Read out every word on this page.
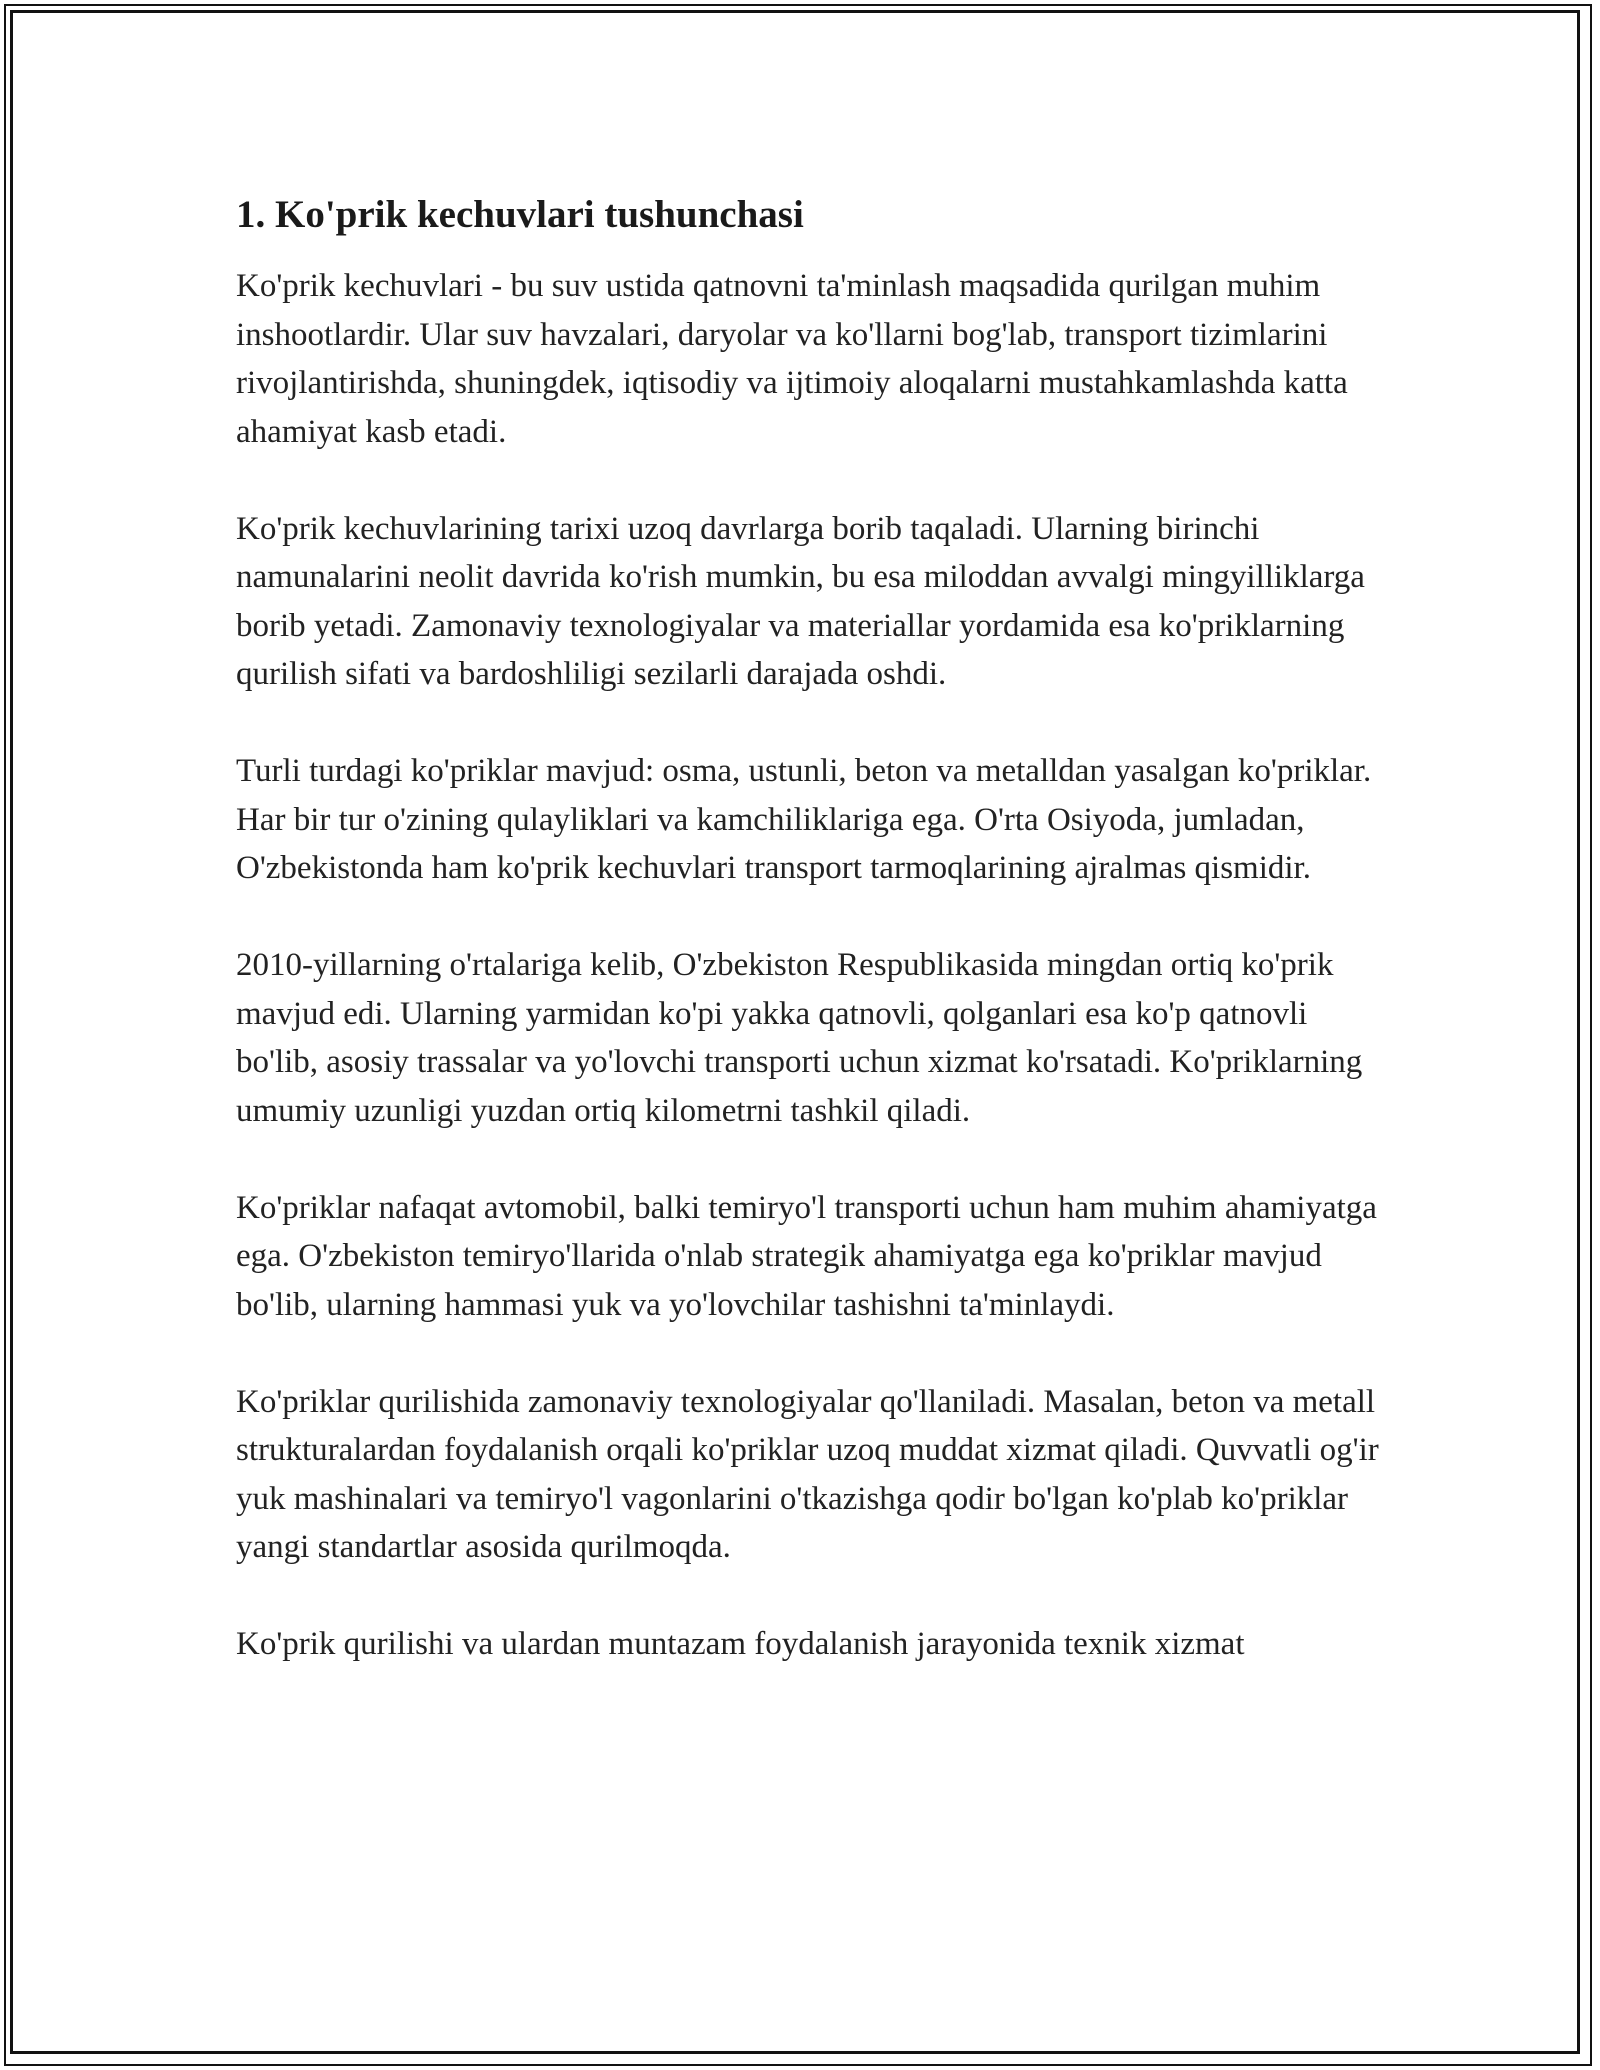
1. Ko'prik kechuvlari tushunchasi

Ko'prik kechuvlari - bu suv ustida qatnovni ta'minlash maqsadida qurilgan muhim inshootlardir. Ular suv havzalari, daryolar va ko'llarni bog'lab, transport tizimlarini rivojlantirishda, shuningdek, iqtisodiy va ijtimoiy aloqalarni mustahkamlashda katta ahamiyat kasb etadi.

Ko'prik kechuvlarining tarixi uzoq davrlarga borib taqaladi. Ularning birinchi namunalarini neolit davrida ko'rish mumkin, bu esa miloddan avvalgi mingyilliklarga borib yetadi. Zamonaviy texnologiyalar va materiallar yordamida esa ko'priklarning qurilish sifati va bardoshliligi sezilarli darajada oshdi.

Turli turdagi ko'priklar mavjud: osma, ustunli, beton va metalldan yasalgan ko'priklar. Har bir tur o'zining qulayliklari va kamchiliklariga ega. O'rta Osiyoda, jumladan, O'zbekistonda ham ko'prik kechuvlari transport tarmoqlarining ajralmas qismidir.

2010-yillarning o'rtalariga kelib, O'zbekiston Respublikasida mingdan ortiq ko'prik mavjud edi. Ularning yarmidan ko'pi yakka qatnovli, qolganlari esa ko'p qatnovli bo'lib, asosiy trassalar va yo'lovchi transporti uchun xizmat ko'rsatadi. Ko'priklarning umumiy uzunligi yuzdan ortiq kilometrni tashkil qiladi.

Ko'priklar nafaqat avtomobil, balki temiryo'l transporti uchun ham muhim ahamiyatga ega. O'zbekiston temiryo'llarida o'nlab strategik ahamiyatga ega ko'priklar mavjud bo'lib, ularning hammasi yuk va yo'lovchilar tashishni ta'minlaydi.

Ko'priklar qurilishida zamonaviy texnologiyalar qo'llaniladi. Masalan, beton va metall strukturalardan foydalanish orqali ko'priklar uzoq muddat xizmat qiladi. Quvvatli og'ir yuk mashinalari va temiryo'l vagonlarini o'tkazishga qodir bo'lgan ko'plab ko'priklar yangi standartlar asosida qurilmoqda.

Ko'prik qurilishi va ulardan muntazam foydalanish jarayonida texnik xizmat
